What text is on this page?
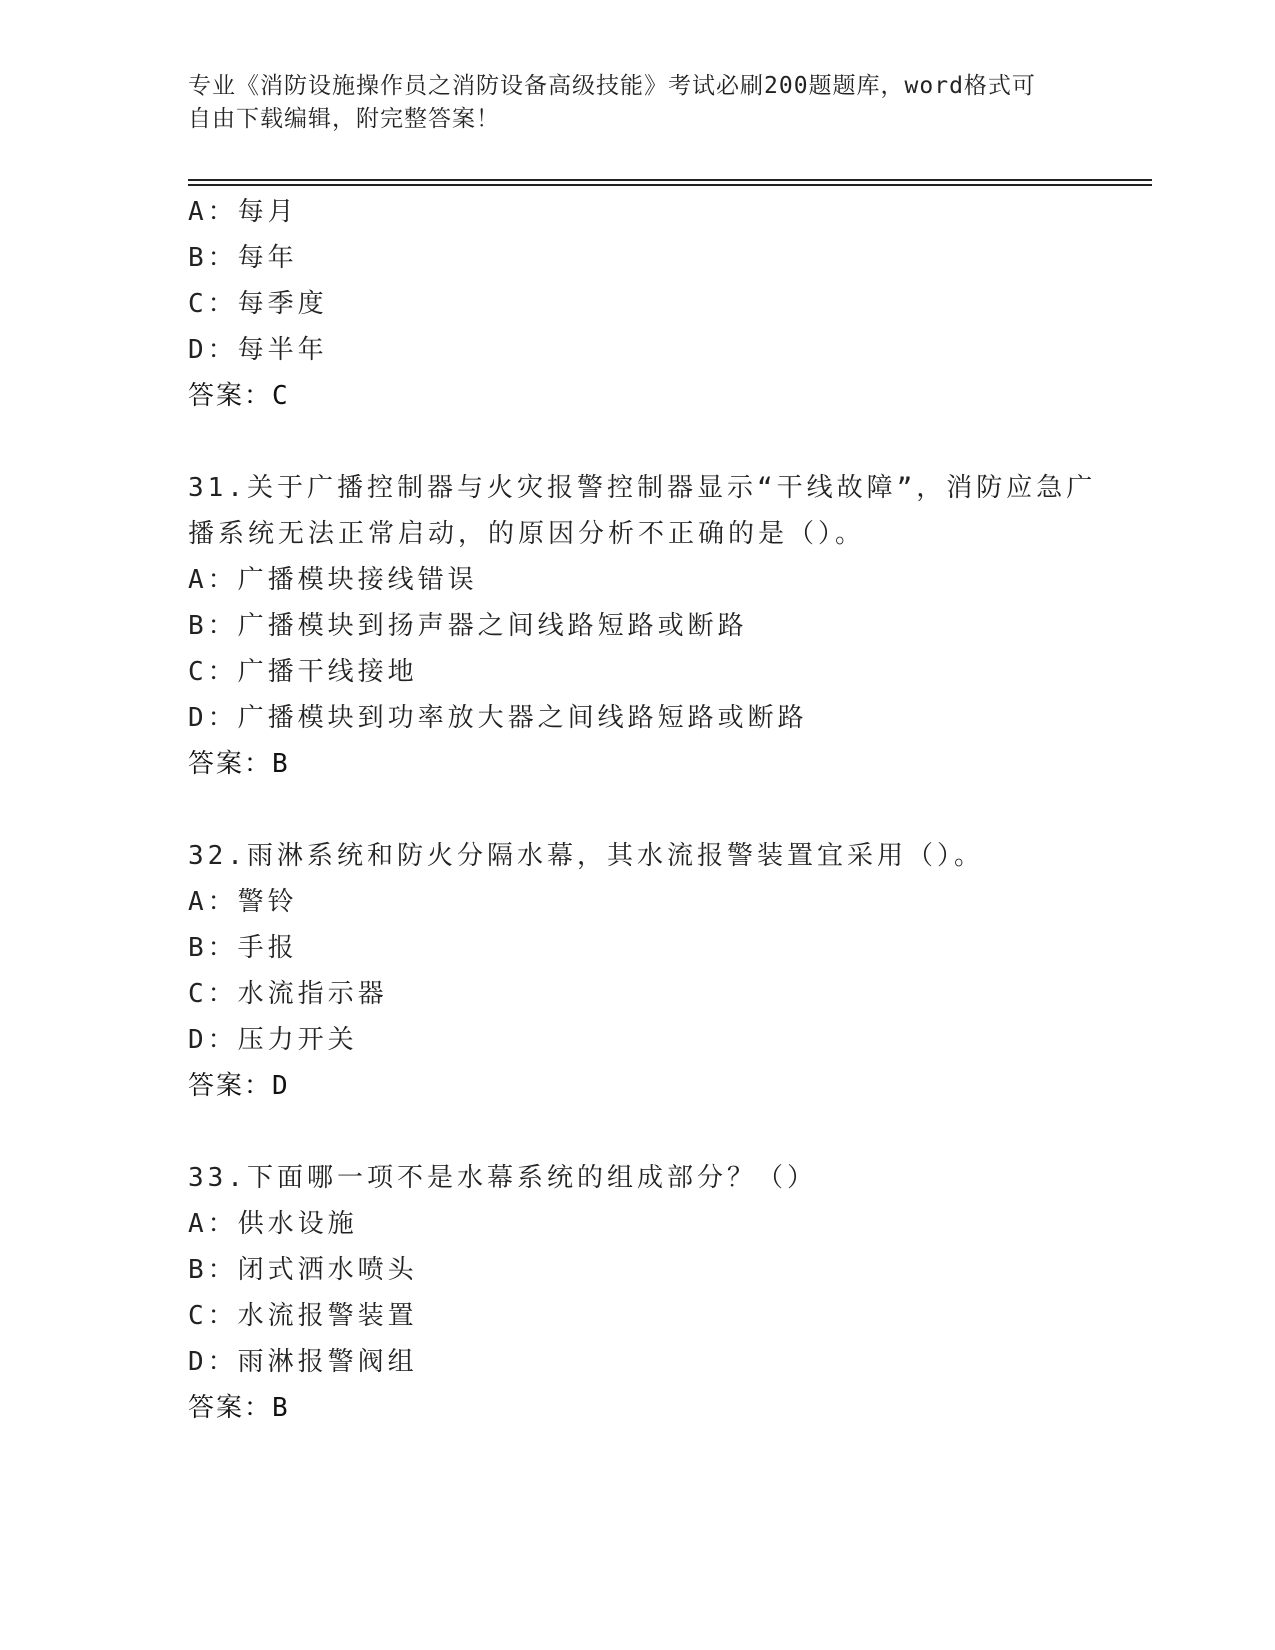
专业《消防设施操作员之消防设备高级技能》考试必刷200题题库，word格式可
自由下载编辑，附完整答案！
A：每月
B：每年
C：每季度
D：每半年
答案：C
31.关于广播控制器与火灾报警控制器显示“干线故障”，消防应急广
播系统无法正常启动，的原因分析不正确的是（）。
A：广播模块接线错误
B：广播模块到扬声器之间线路短路或断路
C：广播干线接地
D：广播模块到功率放大器之间线路短路或断路
答案：B
32.雨淋系统和防火分隔水幕，其水流报警装置宜采用（）。
A：警铃
B：手报
C：水流指示器
D：压力开关
答案：D
33.下面哪一项不是水幕系统的组成部分？（）
A：供水设施
B：闭式洒水喷头
C：水流报警装置
D：雨淋报警阀组
答案：B
